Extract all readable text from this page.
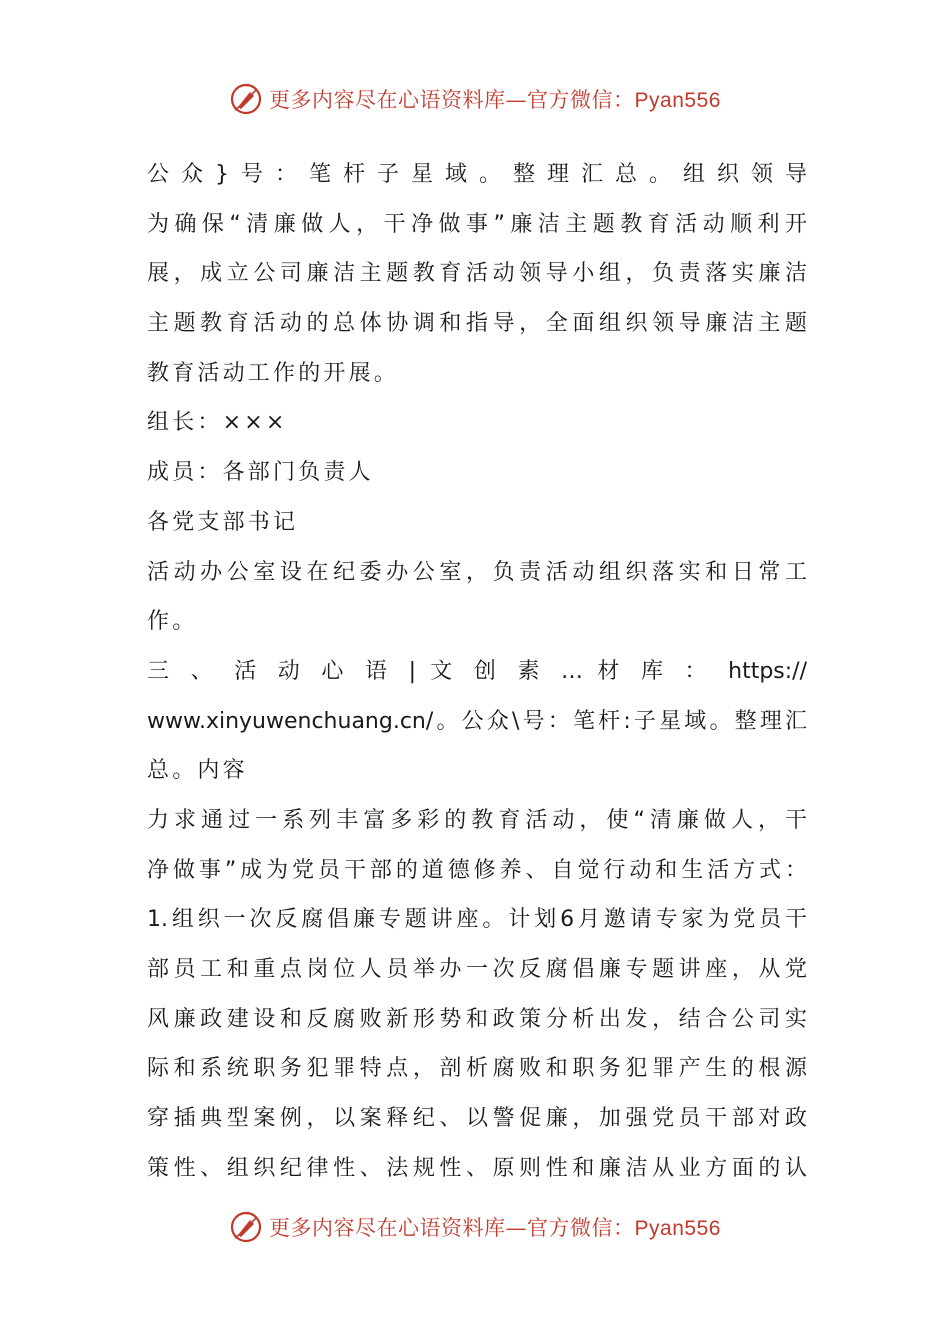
更多内容尽在心语资料库—官方微信：Pyan556
公众}号：笔杆子星域。整理汇总。组织领导
为确保“清廉做人，干净做事”廉洁主题教育活动顺利开
展，成立公司廉洁主题教育活动领导小组，负责落实廉洁
主题教育活动的总体协调和指导，全面组织领导廉洁主题
教育活动工作的开展。
组长：×××
成员：各部门负责人
各党支部书记
活动办公室设在纪委办公室，负责活动组织落实和日常工
作。
三 、 活 动 心 语 | 文 创 素 … 材 库 ： https://
www.xinyuwenchuang.cn/。公众\号：笔杆:子星域。整理汇
总。内容
力求通过一系列丰富多彩的教育活动，使“清廉做人，干
净做事”成为党员干部的道德修养、自觉行动和生活方式：
1.组织一次反腐倡廉专题讲座。计划6月邀请专家为党员干
部员工和重点岗位人员举办一次反腐倡廉专题讲座，从党
风廉政建设和反腐败新形势和政策分析出发，结合公司实
际和系统职务犯罪特点，剖析腐败和职务犯罪产生的根源
穿插典型案例，以案释纪、以警促廉，加强党员干部对政
策性、组织纪律性、法规性、原则性和廉洁从业方面的认
更多内容尽在心语资料库—官方微信：Pyan556
